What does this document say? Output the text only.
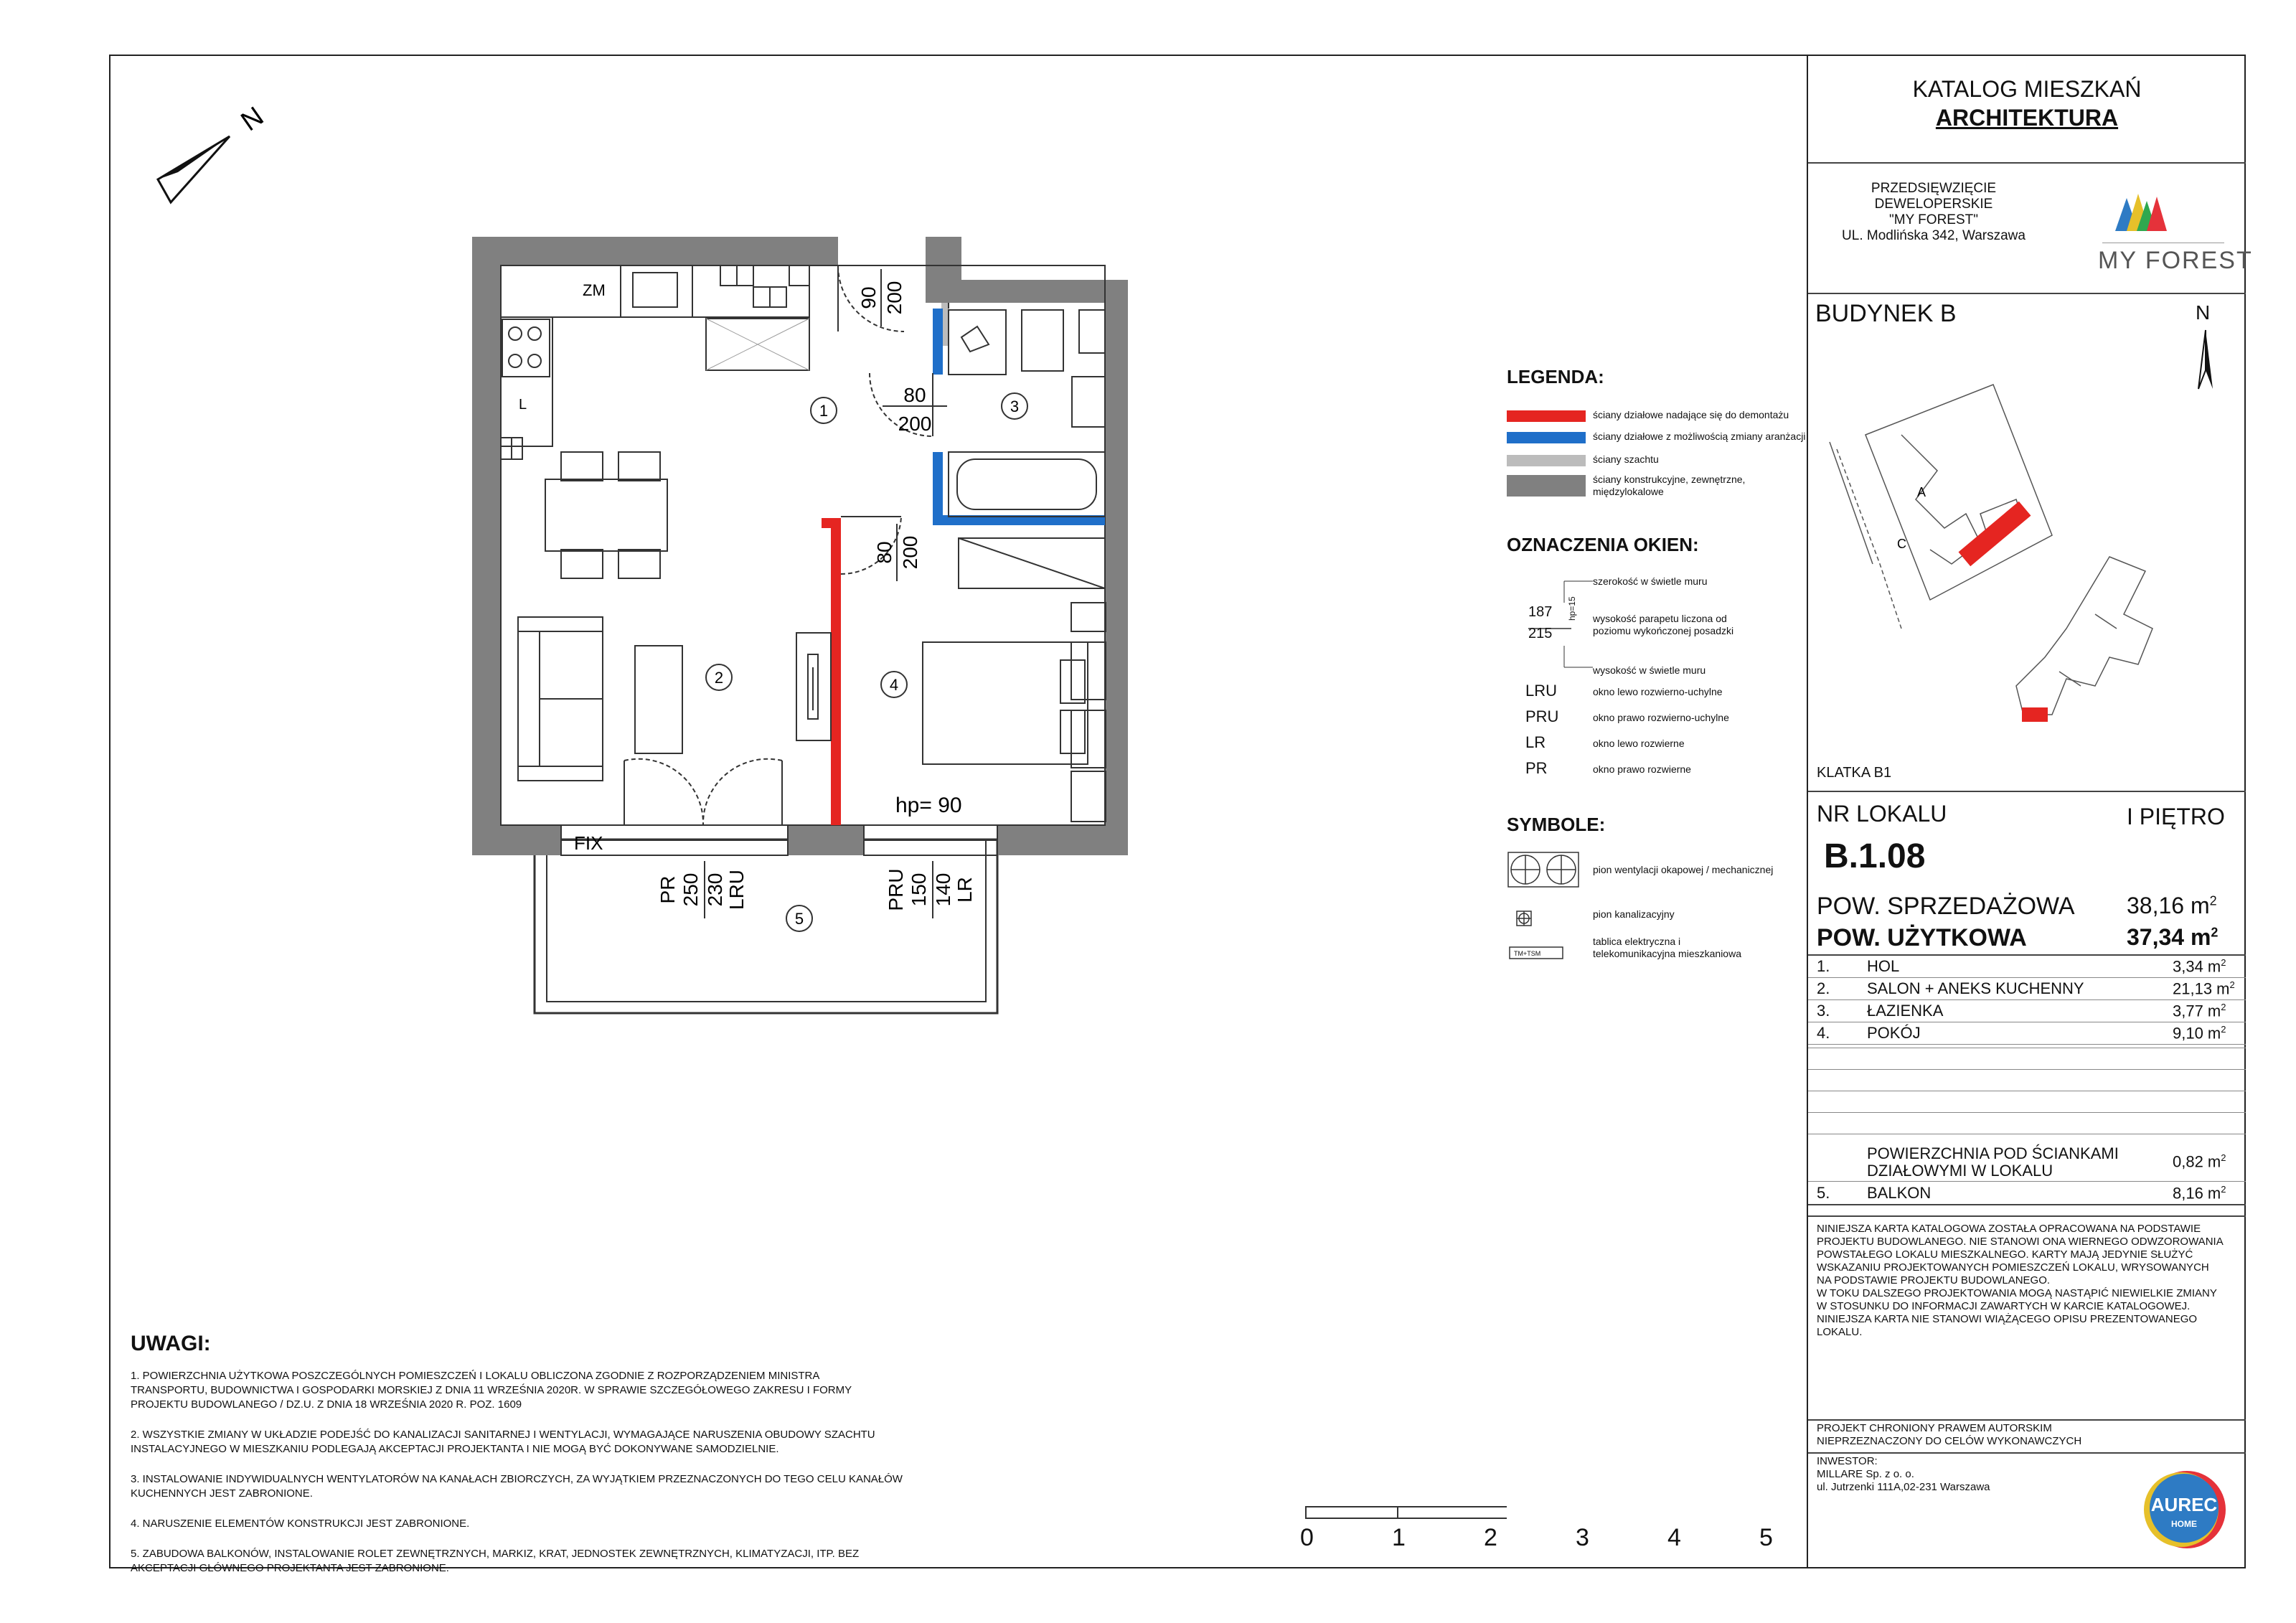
N
ZM
L	1
2
3
4
5
80
200
90 200
80 200
FIX
hp= 90
PR 250 230 LRU	PRU 150 140 LR
0	1	2	3	4	5
LEGENDA:
ściany działowe nadające się do demontażu
ściany działowe z możliwością zmiany aranżacji
ściany szachtu
ściany konstrukcyjne, zewnętrzne,
międzylokalowe
OZNACZENIA OKIEN:
szerokość w świetle muru
wysokość parapetu liczona od
poziomu wykończonej posadzki
wysokość w świetle muru
187
215
hp=15
LRU	okno lewo rozwierno-uchylne
PRU	okno prawo rozwierno-uchylne
LR	okno lewo rozwierne
PR	okno prawo rozwierne
SYMBOLE:
TM+TSM
pion wentylacji okapowej / mechanicznej
pion kanalizacyjny
tablica elektryczna i
telekomunikacyjna mieszkaniowa
UWAGI:
1. POWIERZCHNIA UŻYTKOWA POSZCZEGÓLNYCH POMIESZCZEŃ I LOKALU OBLICZONA ZGODNIE Z ROZPORZĄDZENIEM MINISTRA
TRANSPORTU, BUDOWNICTWA I GOSPODARKI MORSKIEJ Z DNIA 11 WRZEŚNIA 2020R. W SPRAWIE SZCZEGÓŁOWEGO ZAKRESU I FORMY
PROJEKTU BUDOWLANEGO / DZ.U. Z DNIA 18 WRZEŚNIA 2020 R. POZ. 1609
2. WSZYSTKIE ZMIANY W UKŁADZIE PODEJŚĆ DO KANALIZACJI SANITARNEJ I WENTYLACJI, WYMAGAJĄCE NARUSZENIA OBUDOWY SZACHTU
INSTALACYJNEGO W MIESZKANIU PODLEGAJĄ AKCEPTACJI PROJEKTANTA I NIE MOGĄ BYĆ DOKONYWANE SAMODZIELNIE.
3. INSTALOWANIE INDYWIDUALNYCH WENTYLATORÓW NA KANAŁACH ZBIORCZYCH, ZA WYJĄTKIEM PRZEZNACZONYCH DO TEGO CELU KANAŁÓW
KUCHENNYCH JEST ZABRONIONE.
4. NARUSZENIE ELEMENTÓW KONSTRUKCJI JEST ZABRONIONE.
5. ZABUDOWA BALKONÓW, INSTALOWANIE ROLET ZEWNĘTRZNYCH, MARKIZ, KRAT, JEDNOSTEK ZEWNĘTRZNYCH, KLIMATYZACJI, ITP. BEZ
AKCEPTACJI GŁÓWNEGO PROJEKTANTA JEST ZABRONIONE.
KATALOG MIESZKAŃ
ARCHITEKTURA
PRZEDSIĘWZIĘCIE
DEWELOPERSKIE
"MY FOREST"
UL. Modlińska 342, Warszawa
MY FOREST
BUDYNEK B	N
A
C
KLATKA B1
NR LOKALU	I PIĘTRO
B.1.08
POW. SPRZEDAŻOWA 38,16 $m^2$
POW. UŻYTKOWA	37,34 $m^2$
1. HOL	3,34 $m^2$
2. SALON + ANEKS KUCHENNY	21,13 $m^2$
3. ŁAZIENKA	3,77 $m^2$
4. POKÓJ	9,10 $m^2$
POWIERZCHNIA POD ŚCIANKAMI
DZIAŁOWYMI W LOKALU
0,82 $m^2$
5. BALKON	8,16 $m^2$
NINIEJSZA KARTA KATALOGOWA ZOSTAŁA OPRACOWANA NA PODSTAWIE
PROJEKTU BUDOWLANEGO. NIE STANOWI ONA WIERNEGO ODWZOROWANIA
POWSTAŁEGO LOKALU MIESZKALNEGO. KARTY MAJĄ JEDYNIE SŁUŻYĆ
WSKAZANIU PROJEKTOWANYCH POMIESZCZEŃ LOKALU, WRYSOWANYCH
NA PODSTAWIE PROJEKTU BUDOWLANEGO.
W TOKU DALSZEGO PROJEKTOWANIA MOGĄ NASTĄPIĆ NIEWIELKIE ZMIANY
W STOSUNKU DO INFORMACJI ZAWARTYCH W KARCIE KATALOGOWEJ.
NINIEJSZA KARTA NIE STANOWI WIĄŻĄCEGO OPISU PREZENTOWANEGO
LOKALU.
PROJEKT CHRONIONY PRAWEM AUTORSKIM
NIEPRZEZNACZONY DO CELÓW WYKONAWCZYCH
INWESTOR:
MILLARE Sp. z o. o.
ul. Jutrzenki 111A,02-231 Warszawa
AUREC
HOME
